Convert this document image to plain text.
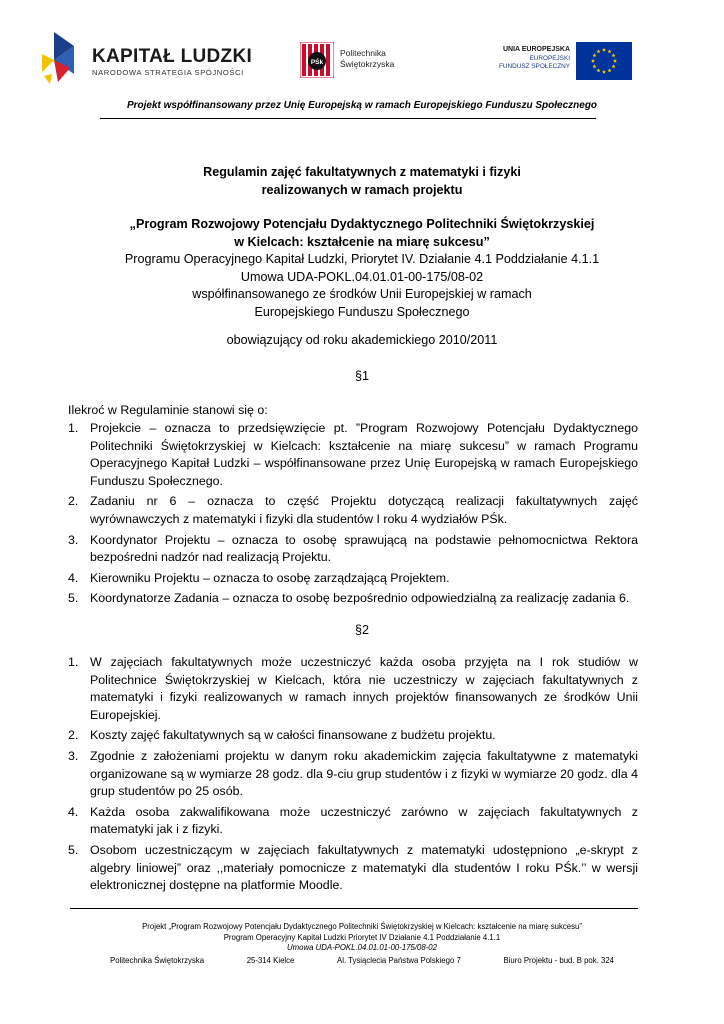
KAPITAŁ LUDZKI
NARODOWA STRATEGIA SPÓJNOŚCI
PŚk
Politechnika
Świętokrzyska
UNIA EUROPEJSKA
EUROPEJSKI
FUNDUSZ SPOŁECZNY
Projekt współfinansowany przez Unię Europejską w ramach Europejskiego Funduszu Społecznego
Regulamin zajęć fakultatywnych z matematyki i fizyki
realizowanych w ramach projektu
„Program Rozwojowy Potencjału Dydaktycznego Politechniki Świętokrzyskiej
w Kielcach: kształcenie na miarę sukcesu”
Programu Operacyjnego Kapitał Ludzki, Priorytet IV. Działanie 4.1 Poddziałanie 4.1.1
Umowa UDA-POKL.04.01.01-00-175/08-02
współfinansowanego ze środków Unii Europejskiej w ramach
Europejskiego Funduszu Społecznego
obowiązujący od roku akademickiego 2010/2011
§1
Ilekroć w Regulaminie stanowi się o:
1. Projekcie – oznacza to przedsięwzięcie pt. ”Program Rozwojowy Potencjału Dydaktycznego Politechniki Świętokrzyskiej w Kielcach: kształcenie na miarę sukcesu” w ramach Programu Operacyjnego Kapitał Ludzki – współfinansowane przez Unię Europejską w ramach Europejskiego Funduszu Społecznego.
2. Zadaniu nr 6 – oznacza to część Projektu dotyczącą realizacji fakultatywnych zajęć wyrównawczych z matematyki i fizyki dla studentów I roku 4 wydziałów PŚk.
3. Koordynator Projektu – oznacza to osobę sprawującą na podstawie pełnomocnictwa Rektora bezpośredni nadzór nad realizacją Projektu.
4. Kierowniku Projektu – oznacza to osobę zarządzającą Projektem.
5. Koordynatorze Zadania – oznacza to osobę bezpośrednio odpowiedzialną za realizację zadania 6.
§2
1. W zajęciach fakultatywnych może uczestniczyć każda osoba przyjęta na I rok studiów w Politechnice Świętokrzyskiej w Kielcach, która nie uczestniczy w zajęciach fakultatywnych z matematyki i fizyki realizowanych w ramach innych projektów finansowanych ze środków Unii Europejskiej.
2. Koszty zajęć fakultatywnych są w całości finansowane z budżetu projektu.
3. Zgodnie z założeniami projektu w danym roku akademickim zajęcia fakultatywne z matematyki organizowane są w wymiarze 28 godz. dla 9-ciu grup studentów i z fizyki w wymiarze 20 godz. dla 4 grup studentów po 25 osób.
4. Każda osoba zakwalifikowana może uczestniczyć zarówno w zajęciach fakultatywnych z matematyki jak i z fizyki.
5. Osobom uczestniczącym w zajęciach fakultatywnych z matematyki udostępniono „e-skrypt z algebry liniowej” oraz ,,materiały pomocnicze z matematyki dla studentów I roku PŚk.’’ w wersji elektronicznej dostępne na platformie Moodle.
Projekt „Program Rozwojowy Potencjału Dydaktycznego Politechniki Świętokrzyskiej w Kielcach: kształcenie na miarę sukcesu”
Program Operacyjny Kapitał Ludzki Priorytet IV Działanie 4.1 Poddziałanie 4.1.1
Umowa UDA-POKL.04.01.01-00-175/08-02
Politechnika Świętokrzyska	25-314 Kielce	Al. Tysiąclecia Państwa Polskiego 7	Biuro Projektu - bud. B pok. 324
